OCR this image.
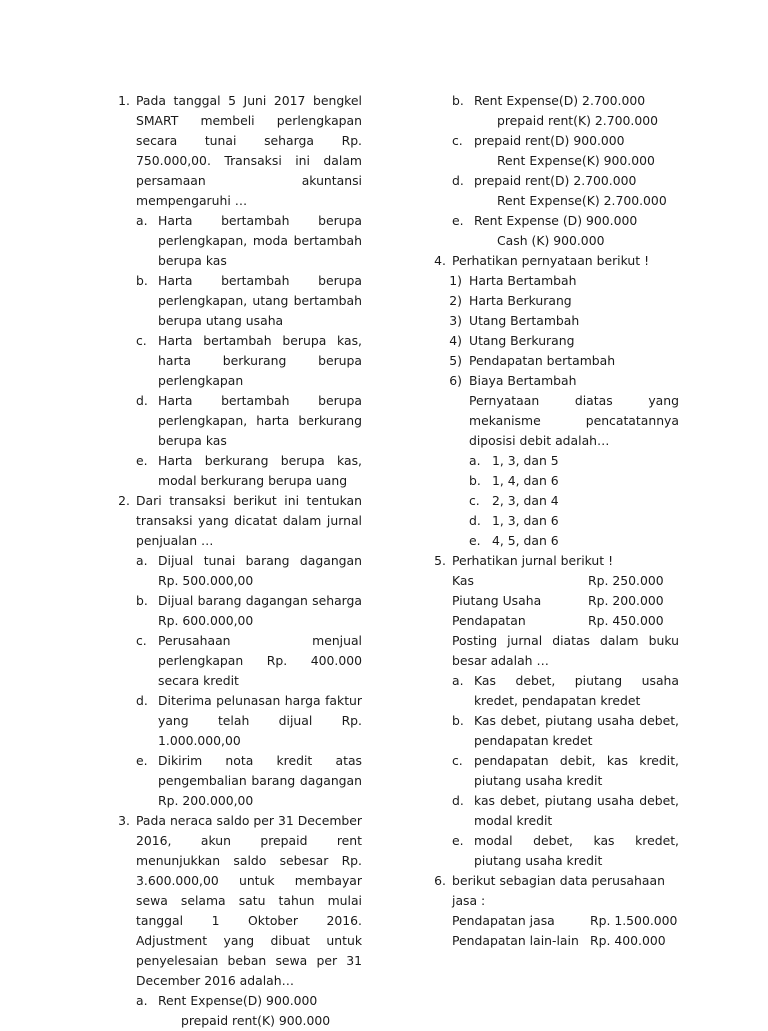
1. Pada tanggal 5 Juni 2017 bengkel SMART membeli perlengkapan secara tunai seharga Rp. 750.000,00. Transaksi ini dalam persamaan akuntansi mempengaruhi …
a. Harta bertambah berupa perlengkapan, moda bertambah berupa kas
b. Harta bertambah berupa perlengkapan, utang bertambah berupa utang usaha
c. Harta bertambah berupa kas, harta berkurang berupa perlengkapan
d. Harta bertambah berupa perlengkapan, harta berkurang berupa kas
e. Harta berkurang berupa kas, modal berkurang berupa uang
2. Dari transaksi berikut ini tentukan transaksi yang dicatat dalam jurnal penjualan …
a. Dijual tunai barang dagangan Rp. 500.000,00
b. Dijual barang dagangan seharga Rp. 600.000,00
c. Perusahaan menjual perlengkapan Rp. 400.000 secara kredit
d. Diterima pelunasan harga faktur yang telah dijual Rp. 1.000.000,00
e. Dikirim nota kredit atas pengembalian barang dagangan Rp. 200.000,00
3. Pada neraca saldo per 31 December 2016, akun prepaid rent menunjukkan saldo sebesar Rp. 3.600.000,00 untuk membayar sewa selama satu tahun mulai tanggal 1 Oktober 2016. Adjustment yang dibuat untuk penyelesaian beban sewa per 31 December 2016 adalah…
a. Rent Expense(D) 900.000
prepaid rent(K) 900.000
b. Rent Expense(D) 2.700.000
prepaid rent(K) 2.700.000
c. prepaid rent(D) 900.000
Rent Expense(K) 900.000
d. prepaid rent(D) 2.700.000
Rent Expense(K) 2.700.000
e. Rent Expense (D) 900.000
Cash (K) 900.000
4. Perhatikan pernyataan berikut !
1) Harta Bertambah
2) Harta Berkurang
3) Utang Bertambah
4) Utang Berkurang
5) Pendapatan bertambah
6) Biaya Bertambah
Pernyataan diatas yang mekanisme pencatatannya diposisi debit adalah…
a. 1, 3, dan 5
b. 1, 4, dan 6
c. 2, 3, dan 4
d. 1, 3, dan 6
e. 4, 5, dan 6
5. Perhatikan jurnal berikut !
Kas	Rp. 250.000
Piutang Usaha	Rp. 200.000
Pendapatan	Rp. 450.000
Posting jurnal diatas dalam buku besar adalah …
a. Kas debet, piutang usaha kredet, pendapatan kredet
b. Kas debet, piutang usaha debet, pendapatan kredet
c. pendapatan debit, kas kredit, piutang usaha kredit
d. kas debet, piutang usaha debet, modal kredit
e. modal debet, kas kredet, piutang usaha kredit
6. berikut sebagian data perusahaan jasa :
Pendapatan jasa	Rp. 1.500.000
Pendapatan lain-lain Rp. 400.000
